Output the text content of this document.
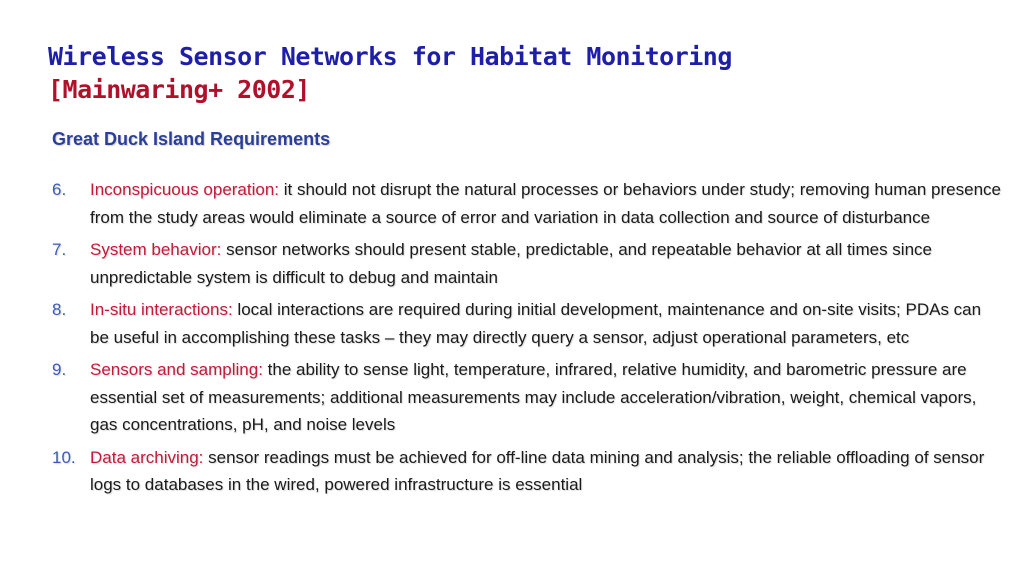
Wireless Sensor Networks for Habitat Monitoring
[Mainwaring+ 2002]
Great Duck Island Requirements
6. Inconspicuous operation: it should not disrupt the natural processes or behaviors under study; removing human presence from the study areas would eliminate a source of error and variation in data collection and source of disturbance
7. System behavior: sensor networks should present stable, predictable, and repeatable behavior at all times since unpredictable system is difficult to debug and maintain
8. In-situ interactions: local interactions are required during initial development, maintenance and on-site visits; PDAs can be useful in accomplishing these tasks – they may directly query a sensor, adjust operational parameters, etc
9. Sensors and sampling: the ability to sense light, temperature, infrared, relative humidity, and barometric pressure are essential set of measurements; additional measurements may include acceleration/vibration, weight, chemical vapors, gas concentrations, pH, and noise levels
10. Data archiving: sensor readings must be achieved for off-line data mining and analysis; the reliable offloading of sensor logs to databases in the wired, powered infrastructure is essential
